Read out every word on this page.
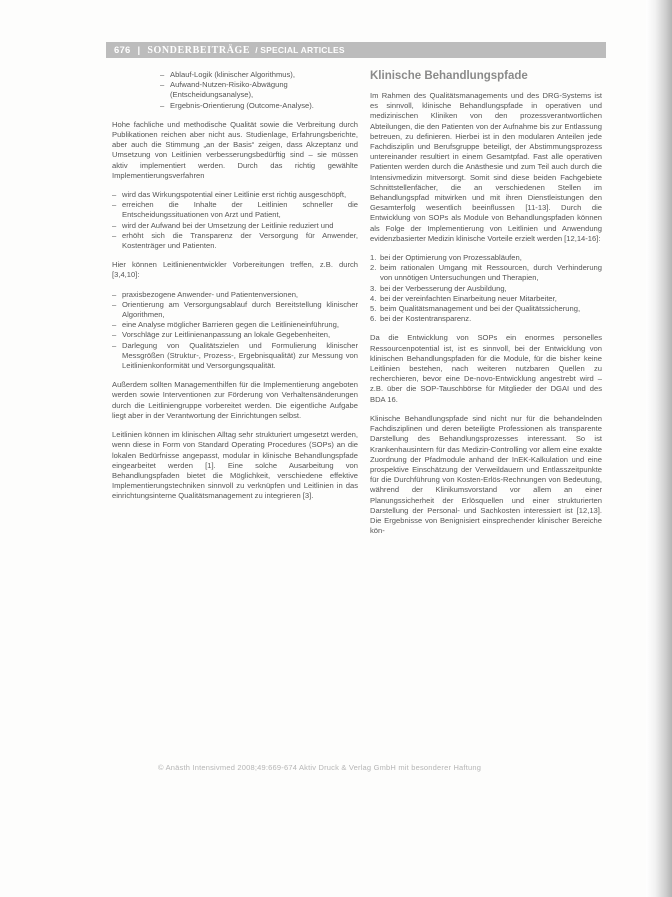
676 | SONDERBEITRÄGE / SPECIAL ARTICLES
– Ablauf-Logik (klinischer Algorithmus),
– Aufwand-Nutzen-Risiko-Abwägung (Entscheidungsanalyse),
– Ergebnis-Orientierung (Outcome-Analyse).

Hohe fachliche und methodische Qualität sowie die Verbreitung durch Publikationen reichen aber nicht aus. Studienlage, Erfahrungsberichte, aber auch die Stimmung „an der Basis“ zeigen, dass Akzeptanz und Umsetzung von Leitlinien verbesserungsbedürftig sind – sie müssen aktiv implementiert werden. Durch das richtig gewählte Implementierungsverfahren

– wird das Wirkungspotential einer Leitlinie erst richtig ausgeschöpft,
– erreichen die Inhalte der Leitlinien schneller die Entscheidungssituationen von Arzt und Patient,
– wird der Aufwand bei der Umsetzung der Leitlinie reduziert und
– erhöht sich die Transparenz der Versorgung für Anwender, Kostenträger und Patienten.

Hier können Leitlinienentwickler Vorbereitungen treffen, z.B. durch [3,4,10]:

– praxisbezogene Anwender- und Patientenversionen,
– Orientierung am Versorgungsablauf durch Bereitstellung klinischer Algorithmen,
– eine Analyse möglicher Barrieren gegen die Leitlinieneinführung,
– Vorschläge zur Leitlinienanpassung an lokale Gegebenheiten,
– Darlegung von Qualitätszielen und Formulierung klinischer Messgrößen (Struktur-, Prozess-, Ergebnisqualität) zur Messung von Leitlinienkonformität und Versorgungsqualität.

Außerdem sollten Managementhilfen für die Implementierung angeboten werden sowie Interventionen zur Förderung von Verhaltensänderungen durch die Leitliniengruppe vorbereitet werden. Die eigentliche Aufgabe liegt aber in der Verantwortung der Einrichtungen selbst.

Leitlinien können im klinischen Alltag sehr strukturiert umgesetzt werden, wenn diese in Form von Standard Operating Procedures (SOPs) an die lokalen Bedürfnisse angepasst, modular in klinische Behandlungspfade eingearbeitet werden [1]. Eine solche Ausarbeitung von Behandlungspfaden bietet die Möglichkeit, verschiedene effektive Implementierungstechniken sinnvoll zu verknüpfen und Leitlinien in das einrichtungsinterne Qualitätsmanagement zu integrieren [3].

Klinische Behandlungspfade

Im Rahmen des Qualitätsmanagements und des DRG-Systems ist es sinnvoll, klinische Behandlungspfade in operativen und medizinischen Kliniken von den prozessverantwortlichen Abteilungen, die den Patienten von der Aufnahme bis zur Entlassung betreuen, zu definieren. Hierbei ist in den modularen Anteilen jede Fachdisziplin und Berufsgruppe beteiligt, der Abstimmungsprozess untereinander resultiert in einem Gesamtpfad. Fast alle operativen Patienten werden durch die Anästhesie und zum Teil auch durch die Intensivmedizin mitversorgt. Somit sind diese beiden Fachgebiete Schnittstellenfächer, die an verschiedenen Stellen im Behandlungspfad mitwirken und mit ihren Dienstleistungen den Gesamterfolg wesentlich beeinflussen [11-13]. Durch die Entwicklung von SOPs als Module von Behandlungspfaden können als Folge der Implementierung von Leitlinien und Anwendung evidenzbasierter Medizin klinische Vorteile erzielt werden [12,14-16]:

1. bei der Optimierung von Prozessabläufen,
2. beim rationalen Umgang mit Ressourcen, durch Verhinderung von unnötigen Untersuchungen und Therapien,
3. bei der Verbesserung der Ausbildung,
4. bei der vereinfachten Einarbeitung neuer Mitarbeiter,
5. beim Qualitätsmanagement und bei der Qualitätssicherung,
6. bei der Kostentransparenz.

Da die Entwicklung von SOPs ein enormes personelles Ressourcenpotential ist, ist es sinnvoll, bei der Entwicklung von klinischen Behandlungspfaden für die Module, für die bisher keine Leitlinien bestehen, nach weiteren nutzbaren Quellen zu recherchieren, bevor eine De-novo-Entwicklung angestrebt wird – z.B. über die SOP-Tauschbörse für Mitglieder der DGAI und des BDA 16.

Klinische Behandlungspfade sind nicht nur für die behandelnden Fachdisziplinen und deren beteiligte Professionen als transparente Darstellung des Behandlungsprozesses interessant. So ist Krankenhausintern für das Medizin-Controlling vor allem eine exakte Zuordnung der Pfadmodule anhand der InEK-Kalkulation und eine prospektive Einschätzung der Verweildauern und Entlasszeitpunkte für die Durchführung von Kosten-Erlös-Rechnungen von Bedeutung, während der Klinikumsvorstand vor allem an einer Planungssicherheit der Erlösquellen und einer strukturierten Darstellung der Personal- und Sachkosten interessiert ist [12,13]. Die Ergebnisse von Benignisiert einsprechender klinischer Bereiche kön-

© Anästh Intensivmed 2008;49:669-674 Aktiv Druck & Verlag GmbH mit besonderer Haftung
